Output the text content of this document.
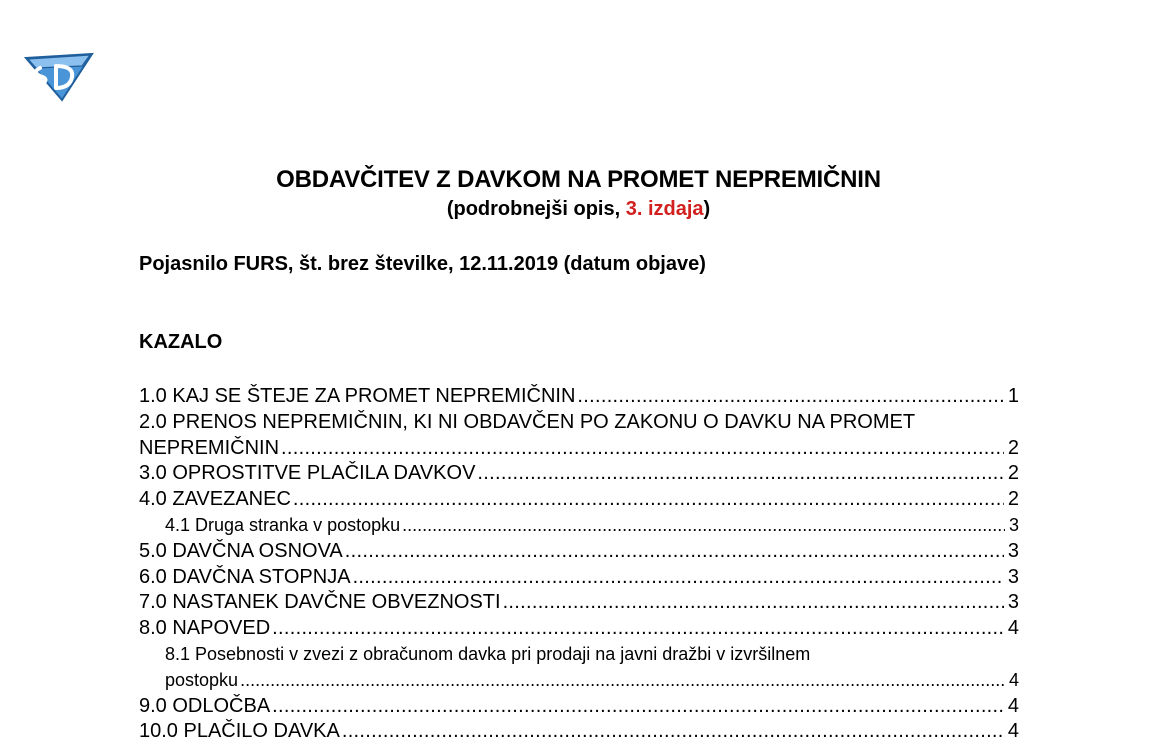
OBDAVČITEV Z DAVKOM NA PROMET NEPREMIČNIN
(podrobnejši opis, 3. izdaja)
Pojasnilo FURS, št. brez številke, 12.11.2019 (datum objave)
KAZALO
1.0 KAJ SE ŠTEJE ZA PROMET NEPREMIČNIN .....	1
2.0 PRENOS NEPREMIČNIN, KI NI OBDAVČEN PO ZAKONU O DAVKU NA PROMET
NEPREMIČNIN .....	2
3.0 OPROSTITVE PLAČILA DAVKOV .....	2
4.0 ZAVEZANEC .....	2
4.1 Druga stranka v postopku .....	3
5.0 DAVČNA OSNOVA .....	3
6.0 DAVČNA STOPNJA .....	3
7.0 NASTANEK DAVČNE OBVEZNOSTI .....	3
8.0 NAPOVED .....	4
8.1 Posebnosti v zvezi z obračunom davka pri prodaji na javni dražbi v izvršilnem
postopku .....	4
9.0 ODLOČBA .....	4
10.0 PLAČILO DAVKA .....	4
